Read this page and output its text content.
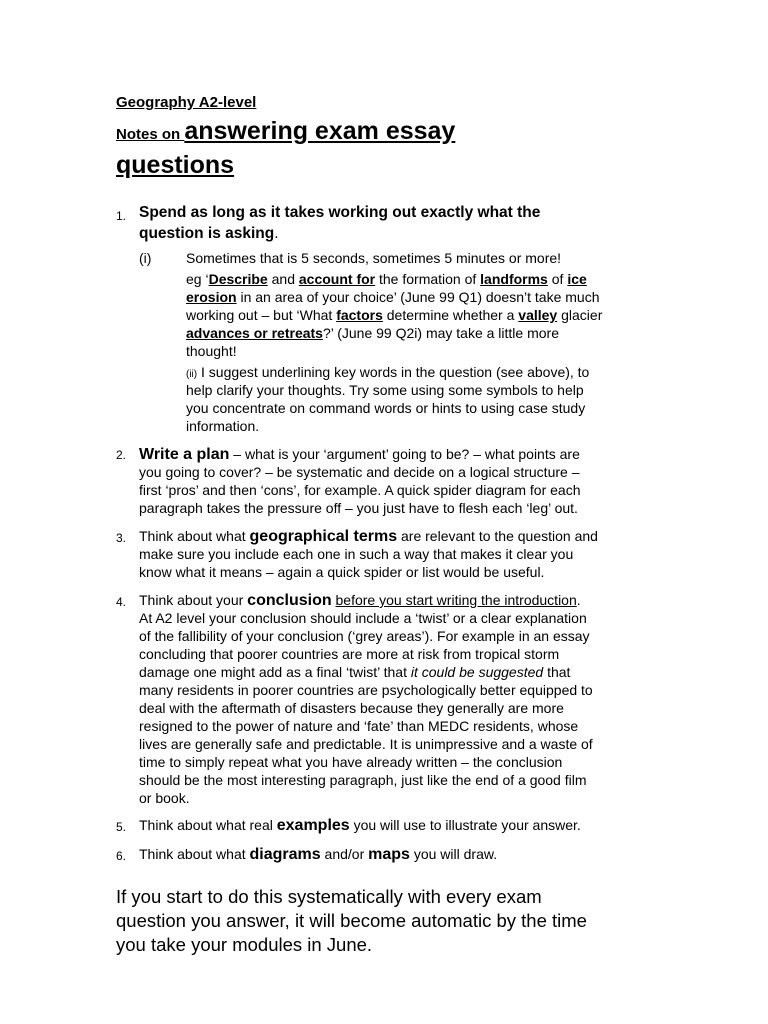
Geography A2-level
Notes on answering exam essay
questions
1. Spend as long as it takes working out exactly what the
question is asking.
(i) Sometimes that is 5 seconds, sometimes 5 minutes or more!
eg ‘Describe and account for the formation of landforms of ice
erosion in an area of your choice’ (June 99 Q1) doesn’t take much
working out – but ‘What factors determine whether a valley glacier
advances or retreats?’ (June 99 Q2i) may take a little more
thought!
(ii) I suggest underlining key words in the question (see above), to
help clarify your thoughts. Try some using some symbols to help
you concentrate on command words or hints to using case study
information.
2. Write a plan – what is your ‘argument’ going to be? – what points are
you going to cover? – be systematic and decide on a logical structure –
first ‘pros’ and then ‘cons’, for example. A quick spider diagram for each
paragraph takes the pressure off – you just have to flesh each ‘leg’ out.
3. Think about what geographical terms are relevant to the question and
make sure you include each one in such a way that makes it clear you
know what it means – again a quick spider or list would be useful.
4. Think about your conclusion before you start writing the introduction.
At A2 level your conclusion should include a ‘twist’ or a clear explanation
of the fallibility of your conclusion (‘grey areas’). For example in an essay
concluding that poorer countries are more at risk from tropical storm
damage one might add as a final ‘twist’ that it could be suggested that
many residents in poorer countries are psychologically better equipped to
deal with the aftermath of disasters because they generally are more
resigned to the power of nature and ‘fate’ than MEDC residents, whose
lives are generally safe and predictable. It is unimpressive and a waste of
time to simply repeat what you have already written – the conclusion
should be the most interesting paragraph, just like the end of a good film
or book.
5. Think about what real examples you will use to illustrate your answer.
6. Think about what diagrams and/or maps you will draw.
If you start to do this systematically with every exam
question you answer, it will become automatic by the time
you take your modules in June.
